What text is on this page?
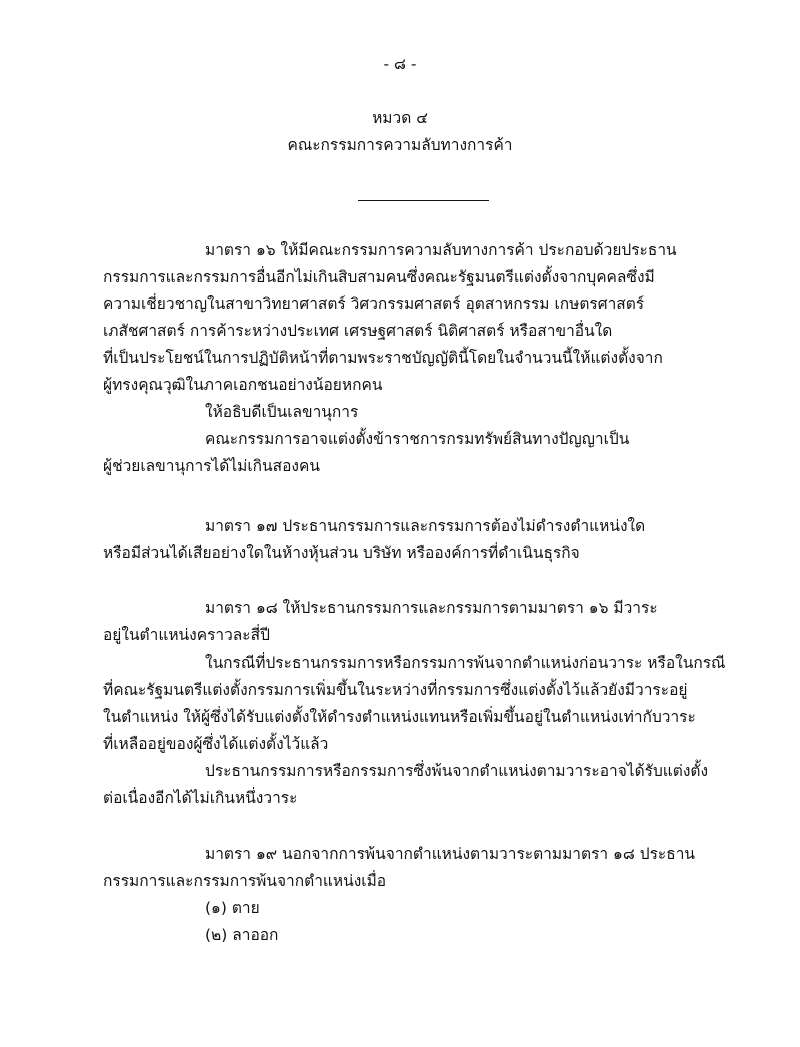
- ๘ -
หมวด ๔
คณะกรรมการความลับทางการค้า
มาตรา ๑๖ ให้มีคณะกรรมการความลับทางการค้า ประกอบด้วยประธาน
กรรมการและกรรมการอื่นอีกไม่เกินสิบสามคนซึ่งคณะรัฐมนตรีแต่งตั้งจากบุคคลซึ่งมี
ความเชี่ยวชาญในสาขาวิทยาศาสตร์ วิศวกรรมศาสตร์ อุตสาหกรรม เกษตรศาสตร์
เภสัชศาสตร์ การค้าระหว่างประเทศ เศรษฐศาสตร์ นิติศาสตร์ หรือสาขาอื่นใด
ที่เป็นประโยชน์ในการปฏิบัติหน้าที่ตามพระราชบัญญัตินี้โดยในจำนวนนี้ให้แต่งตั้งจาก
ผู้ทรงคุณวุฒิในภาคเอกชนอย่างน้อยหกคน
ให้อธิบดีเป็นเลขานุการ
คณะกรรมการอาจแต่งตั้งข้าราชการกรมทรัพย์สินทางปัญญาเป็น
ผู้ช่วยเลขานุการได้ไม่เกินสองคน
มาตรา ๑๗ ประธานกรรมการและกรรมการต้องไม่ดำรงตำแหน่งใด
หรือมีส่วนได้เสียอย่างใดในห้างหุ้นส่วน บริษัท หรือองค์การที่ดำเนินธุรกิจ
มาตรา ๑๘ ให้ประธานกรรมการและกรรมการตามมาตรา ๑๖ มีวาระ
อยู่ในตำแหน่งคราวละสี่ปี
ในกรณีที่ประธานกรรมการหรือกรรมการพ้นจากตำแหน่งก่อนวาระ หรือในกรณี
ที่คณะรัฐมนตรีแต่งตั้งกรรมการเพิ่มขึ้นในระหว่างที่กรรมการซึ่งแต่งตั้งไว้แล้วยังมีวาระอยู่
ในตำแหน่ง ให้ผู้ซึ่งได้รับแต่งตั้งให้ดำรงตำแหน่งแทนหรือเพิ่มขึ้นอยู่ในตำแหน่งเท่ากับวาระ
ที่เหลืออยู่ของผู้ซึ่งได้แต่งตั้งไว้แล้ว
ประธานกรรมการหรือกรรมการซึ่งพ้นจากตำแหน่งตามวาระอาจได้รับแต่งตั้ง
ต่อเนื่องอีกได้ไม่เกินหนึ่งวาระ
มาตรา ๑๙ นอกจากการพ้นจากตำแหน่งตามวาระตามมาตรา ๑๘ ประธาน
กรรมการและกรรมการพ้นจากตำแหน่งเมื่อ
(๑) ตาย
(๒) ลาออก
